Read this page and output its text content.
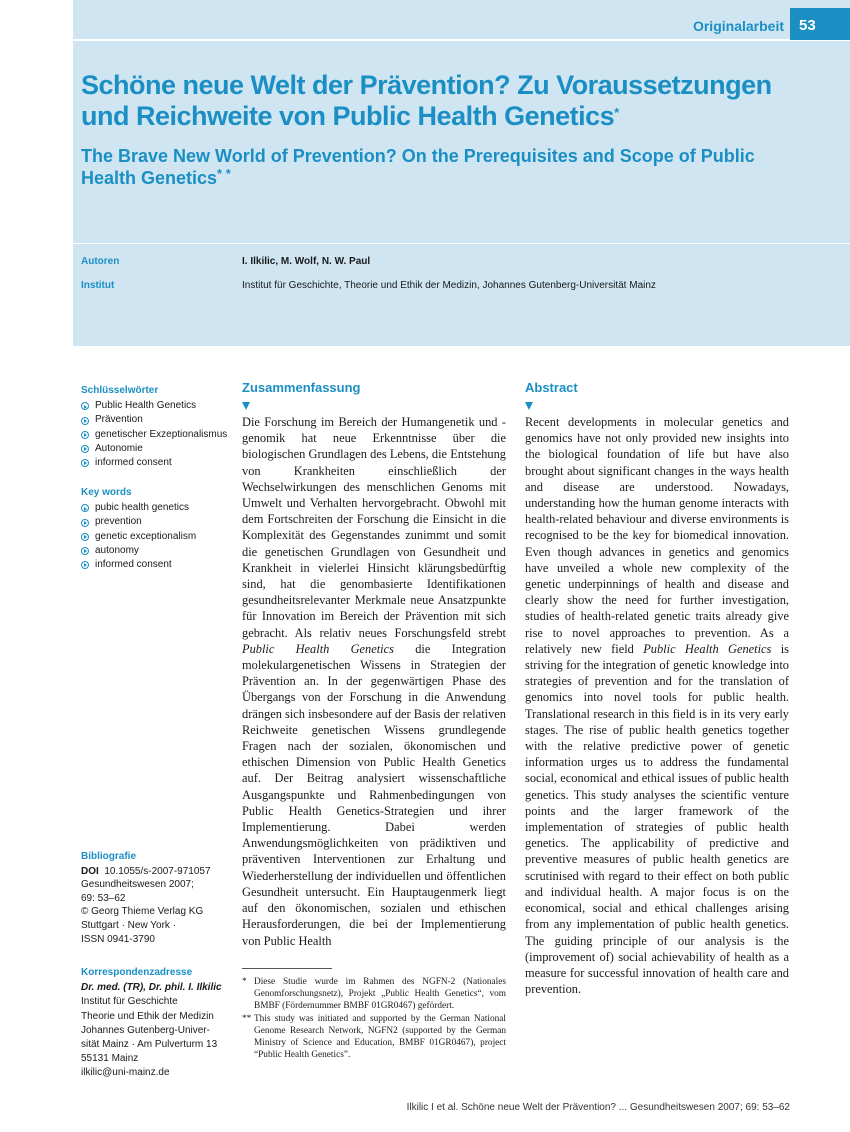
Originalarbeit	53
Schöne neue Welt der Prävention? Zu Voraussetzungen und Reichweite von Public Health Genetics*
The Brave New World of Prevention? On the Prerequisites and Scope of Public Health Genetics* *
Autoren	I. Ilkilic, M. Wolf, N. W. Paul
Institut	Institut für Geschichte, Theorie und Ethik der Medizin, Johannes Gutenberg-Universität Mainz
Schlüsselwörter
Public Health Genetics
Prävention
genetischer Exzeptionalismus
Autonomie
informed consent
Key words
pubic health genetics
prevention
genetic exceptionalism
autonomy
informed consent
Bibliografie
DOI 10.1055/s-2007-971057
Gesundheitswesen 2007;
69: 53–62
© Georg Thieme Verlag KG
Stuttgart · New York ·
ISSN 0941-3790
Korrespondenzadresse
Dr. med. (TR), Dr. phil. I. Ilkilic
Institut für Geschichte
Theorie und Ethik der Medizin
Johannes Gutenberg-Univer-
sität Mainz · Am Pulverturm 13
55131 Mainz
ilkilic@uni-mainz.de
Zusammenfassung

Die Forschung im Bereich der Humangenetik und -genomik hat neue Erkenntnisse über die biologischen Grundlagen des Lebens, die Entstehung von Krankheiten einschließlich der Wechselwirkungen des menschlichen Genoms mit Umwelt und Verhalten hervorgebracht. Obwohl mit dem Fortschreiten der Forschung die Einsicht in die Komplexität des Gegenstandes zunimmt und somit die genetischen Grundlagen von Gesundheit und Krankheit in vielerlei Hinsicht klärungsbedürftig sind, hat die genombasierte Identifikationen gesundheitsrelevanter Merkmale neue Ansatzpunkte für Innovation im Bereich der Prävention mit sich gebracht. Als relativ neues Forschungsfeld strebt Public Health Genetics die Integration molekulargenetischen Wissens in Strategien der Prävention an. In der gegenwärtigen Phase des Übergangs von der Forschung in die Anwendung drängen sich insbesondere auf der Basis der relativen Reichweite genetischen Wissens grundlegende Fragen nach der sozialen, ökonomischen und ethischen Dimension von Public Health Genetics auf. Der Beitrag analysiert wissenschaftliche Ausgangspunkte und Rahmenbedingungen von Public Health Genetics-Strategien und ihrer Implementierung. Dabei werden Anwendungsmöglichkeiten von prädiktiven und präventiven Interventionen zur Erhaltung und Wiederherstellung der individuellen und öffentlichen Gesundheit untersucht. Ein Hauptaugenmerk liegt auf den ökonomischen, sozialen und ethischen Herausforderungen, die bei der Implementierung von Public Health

Abstract

Recent developments in molecular genetics and genomics have not only provided new insights into the biological foundation of life but have also brought about significant changes in the ways health and disease are understood. Nowadays, understanding how the human genome interacts with health-related behaviour and diverse environments is recognised to be the key for biomedical innovation. Even though advances in genetics and genomics have unveiled a whole new complexity of the genetic underpinnings of health and disease and clearly show the need for further investigation, studies of health-related genetic traits already give rise to novel approaches to prevention. As a relatively new field Public Health Genetics is striving for the integration of genetic knowledge into strategies of prevention and for the translation of genomics into novel tools for public health. Translational research in this field is in its very early stages. The rise of public health genetics together with the relative predictive power of genetic information urges us to address the fundamental social, economical and ethical issues of public health genetics. This study analyses the scientific venture points and the larger framework of the implementation of strategies of public health genetics. The applicability of predictive and preventive measures of public health genetics are scrutinised with regard to their effect on both public and individual health. A major focus is on the economical, social and ethical challenges arising from any implementation of public health genetics. The guiding principle of our analysis is the (improvement of) social achievability of health as a measure for successful innovation of health care and prevention.

* Diese Studie wurde im Rahmen des NGFN-2 (Nationales Genomforschungsnetz), Projekt „Public Health Genetics“, vom BMBF (Fördernummer BMBF 01GR0467) gefördert.
** This study was initiated and supported by the German National Genome Research Network, NGFN2 (supported by the German Ministry of Science and Education, BMBF 01GR0467), project “Public Health Genetics”.
Ilkilic I et al. Schöne neue Welt der Prävention? ... Gesundheitswesen 2007; 69: 53–62
